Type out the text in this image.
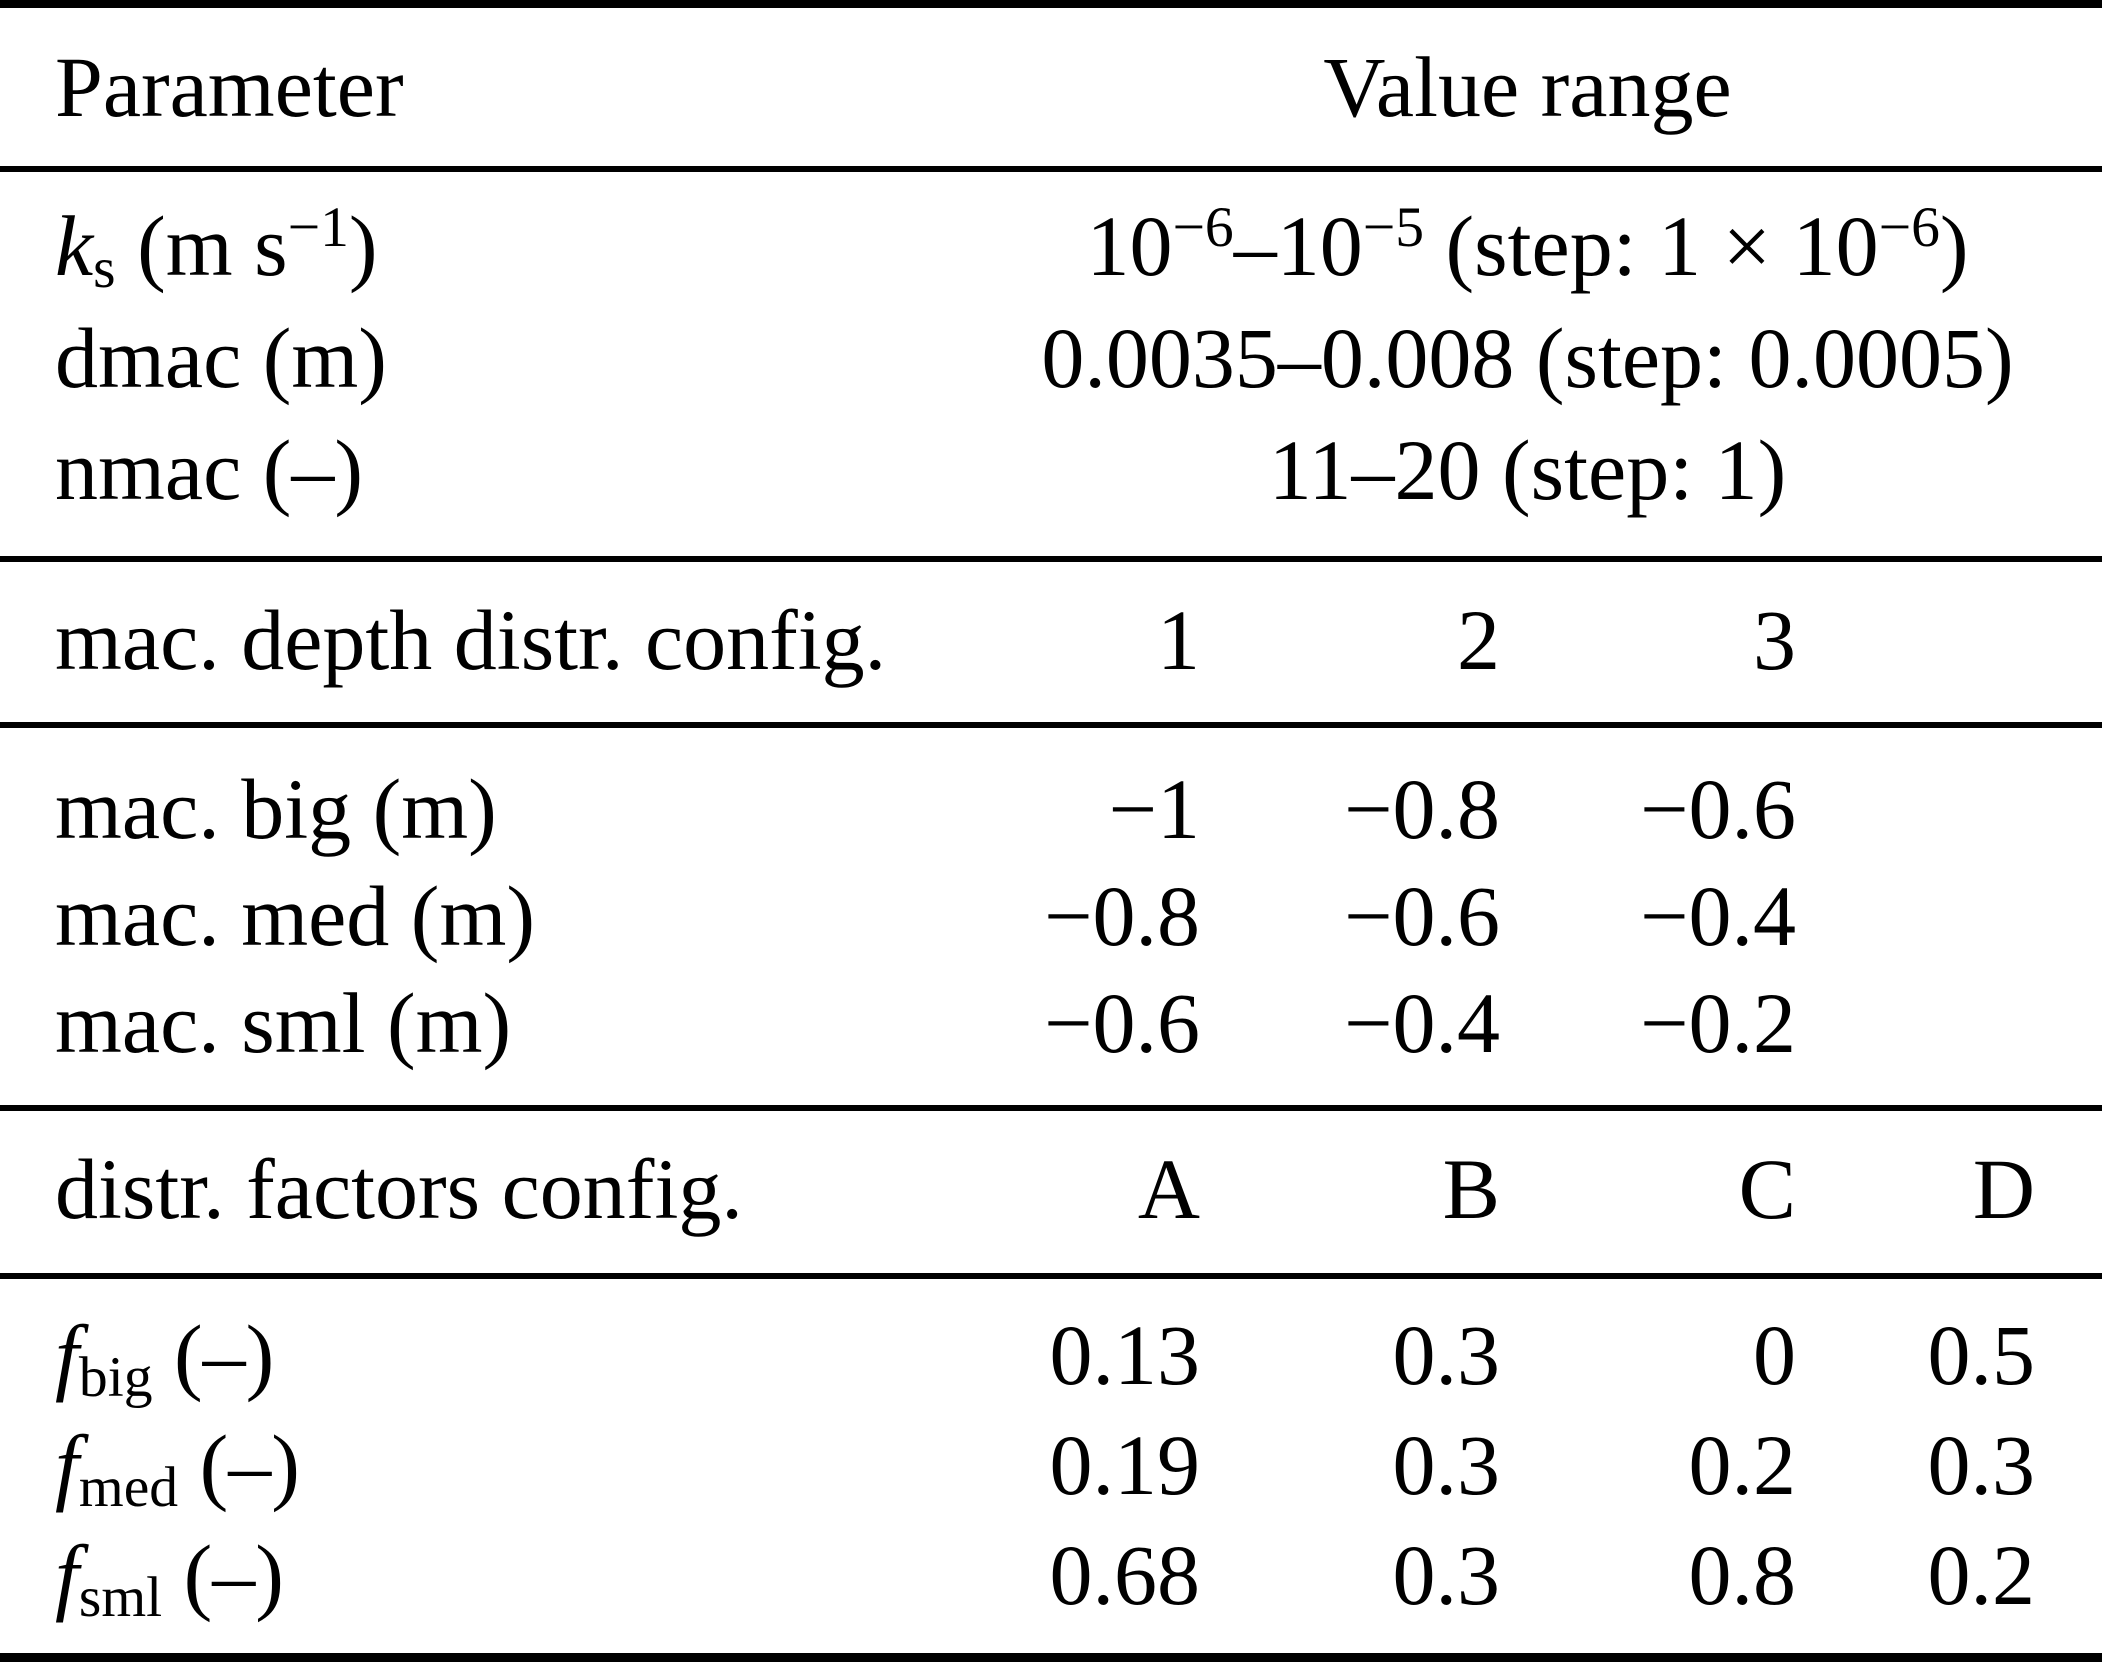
Parameter	Value range
ks (m $s^{-1}$)	$10^{-6}-10^{-5}$ (step: $1 \times 10^{-6}$)
dmac (m)	0.0035–0.008 (step: 0.0005)
nmac (–)	11–20 (step: 1)
mac. depth distr. config.	1	2	3
mac. big (m)	−1	−0.8	−0.6
mac. med (m)	−0.8	−0.6	−0.4
mac. sml (m)	−0.6	−0.4	−0.2
distr. factors config.	A	B	C	D
fbig (–)	0.13	0.3	0	0.5
fmed (–)	0.19	0.3	0.2	0.3
fsml (–)	0.68	0.3	0.8	0.2
